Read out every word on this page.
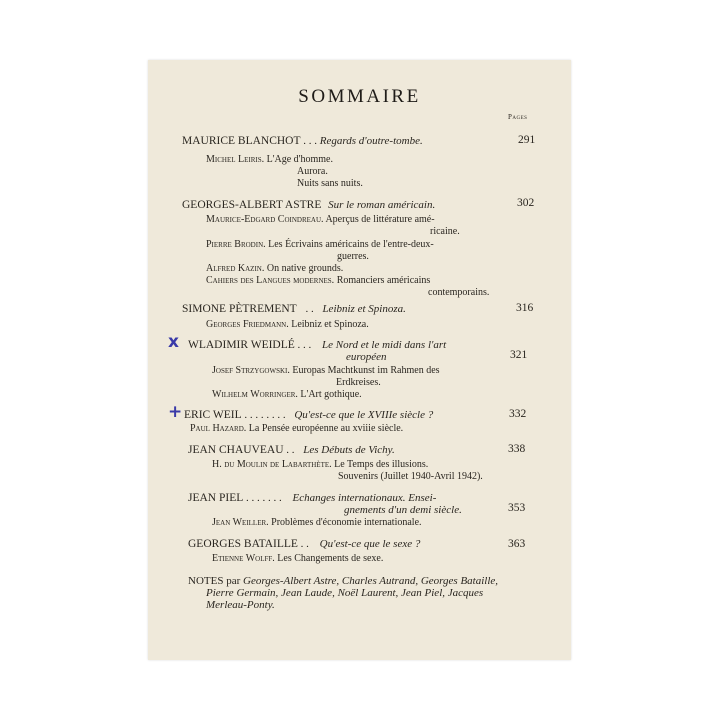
SOMMAIRE
Pages
MAURICE BLANCHOT . . . Regards d'outre-tombe.	291
Michel Leiris. L'Age d'homme.
Aurora.
Nuits sans nuits.
GEORGES-ALBERT ASTRE Sur le roman américain.	302
Maurice-Edgard Coindreau. Aperçus de littérature amé-
ricaine.
Pierre Brodin. Les Écrivains américains de l'entre-deux-
guerres.
Alfred Kazin. On native grounds.
Cahiers des Langues modernes. Romanciers américains
contemporains.
SIMONE PÈTREMENT . . Leibniz et Spinoza.	316
Georges Friedmann. Leibniz et Spinoza.
x WLADIMIR WEIDLÉ . . . Le Nord et le midi dans l'art
européen	321
Josef Strzygowski. Europas Machtkunst im Rahmen des
Erdkreises.
Wilhelm Worringer. L'Art gothique.
+ ERIC WEIL . . . . . . . . Qu'est-ce que le XVIIIe siècle ?	332
Paul Hazard. La Pensée européenne au xviiie siècle.
JEAN CHAUVEAU . . Les Débuts de Vichy.	338
H. du Moulin de Labarthète. Le Temps des illusions.
Souvenirs (Juillet 1940-Avril 1942).
JEAN PIEL . . . . . . . Echanges internationaux. Ensei-
gnements d'un demi siècle.	353
Jean Weiller. Problèmes d'économie internationale.
GEORGES BATAILLE . . Qu'est-ce que le sexe ?	363
Etienne Wolff. Les Changements de sexe.
NOTES par Georges-Albert Astre, Charles Autrand, Georges Bataille,
Pierre Germain, Jean Laude, Noël Laurent, Jean Piel, Jacques
Merleau-Ponty.
